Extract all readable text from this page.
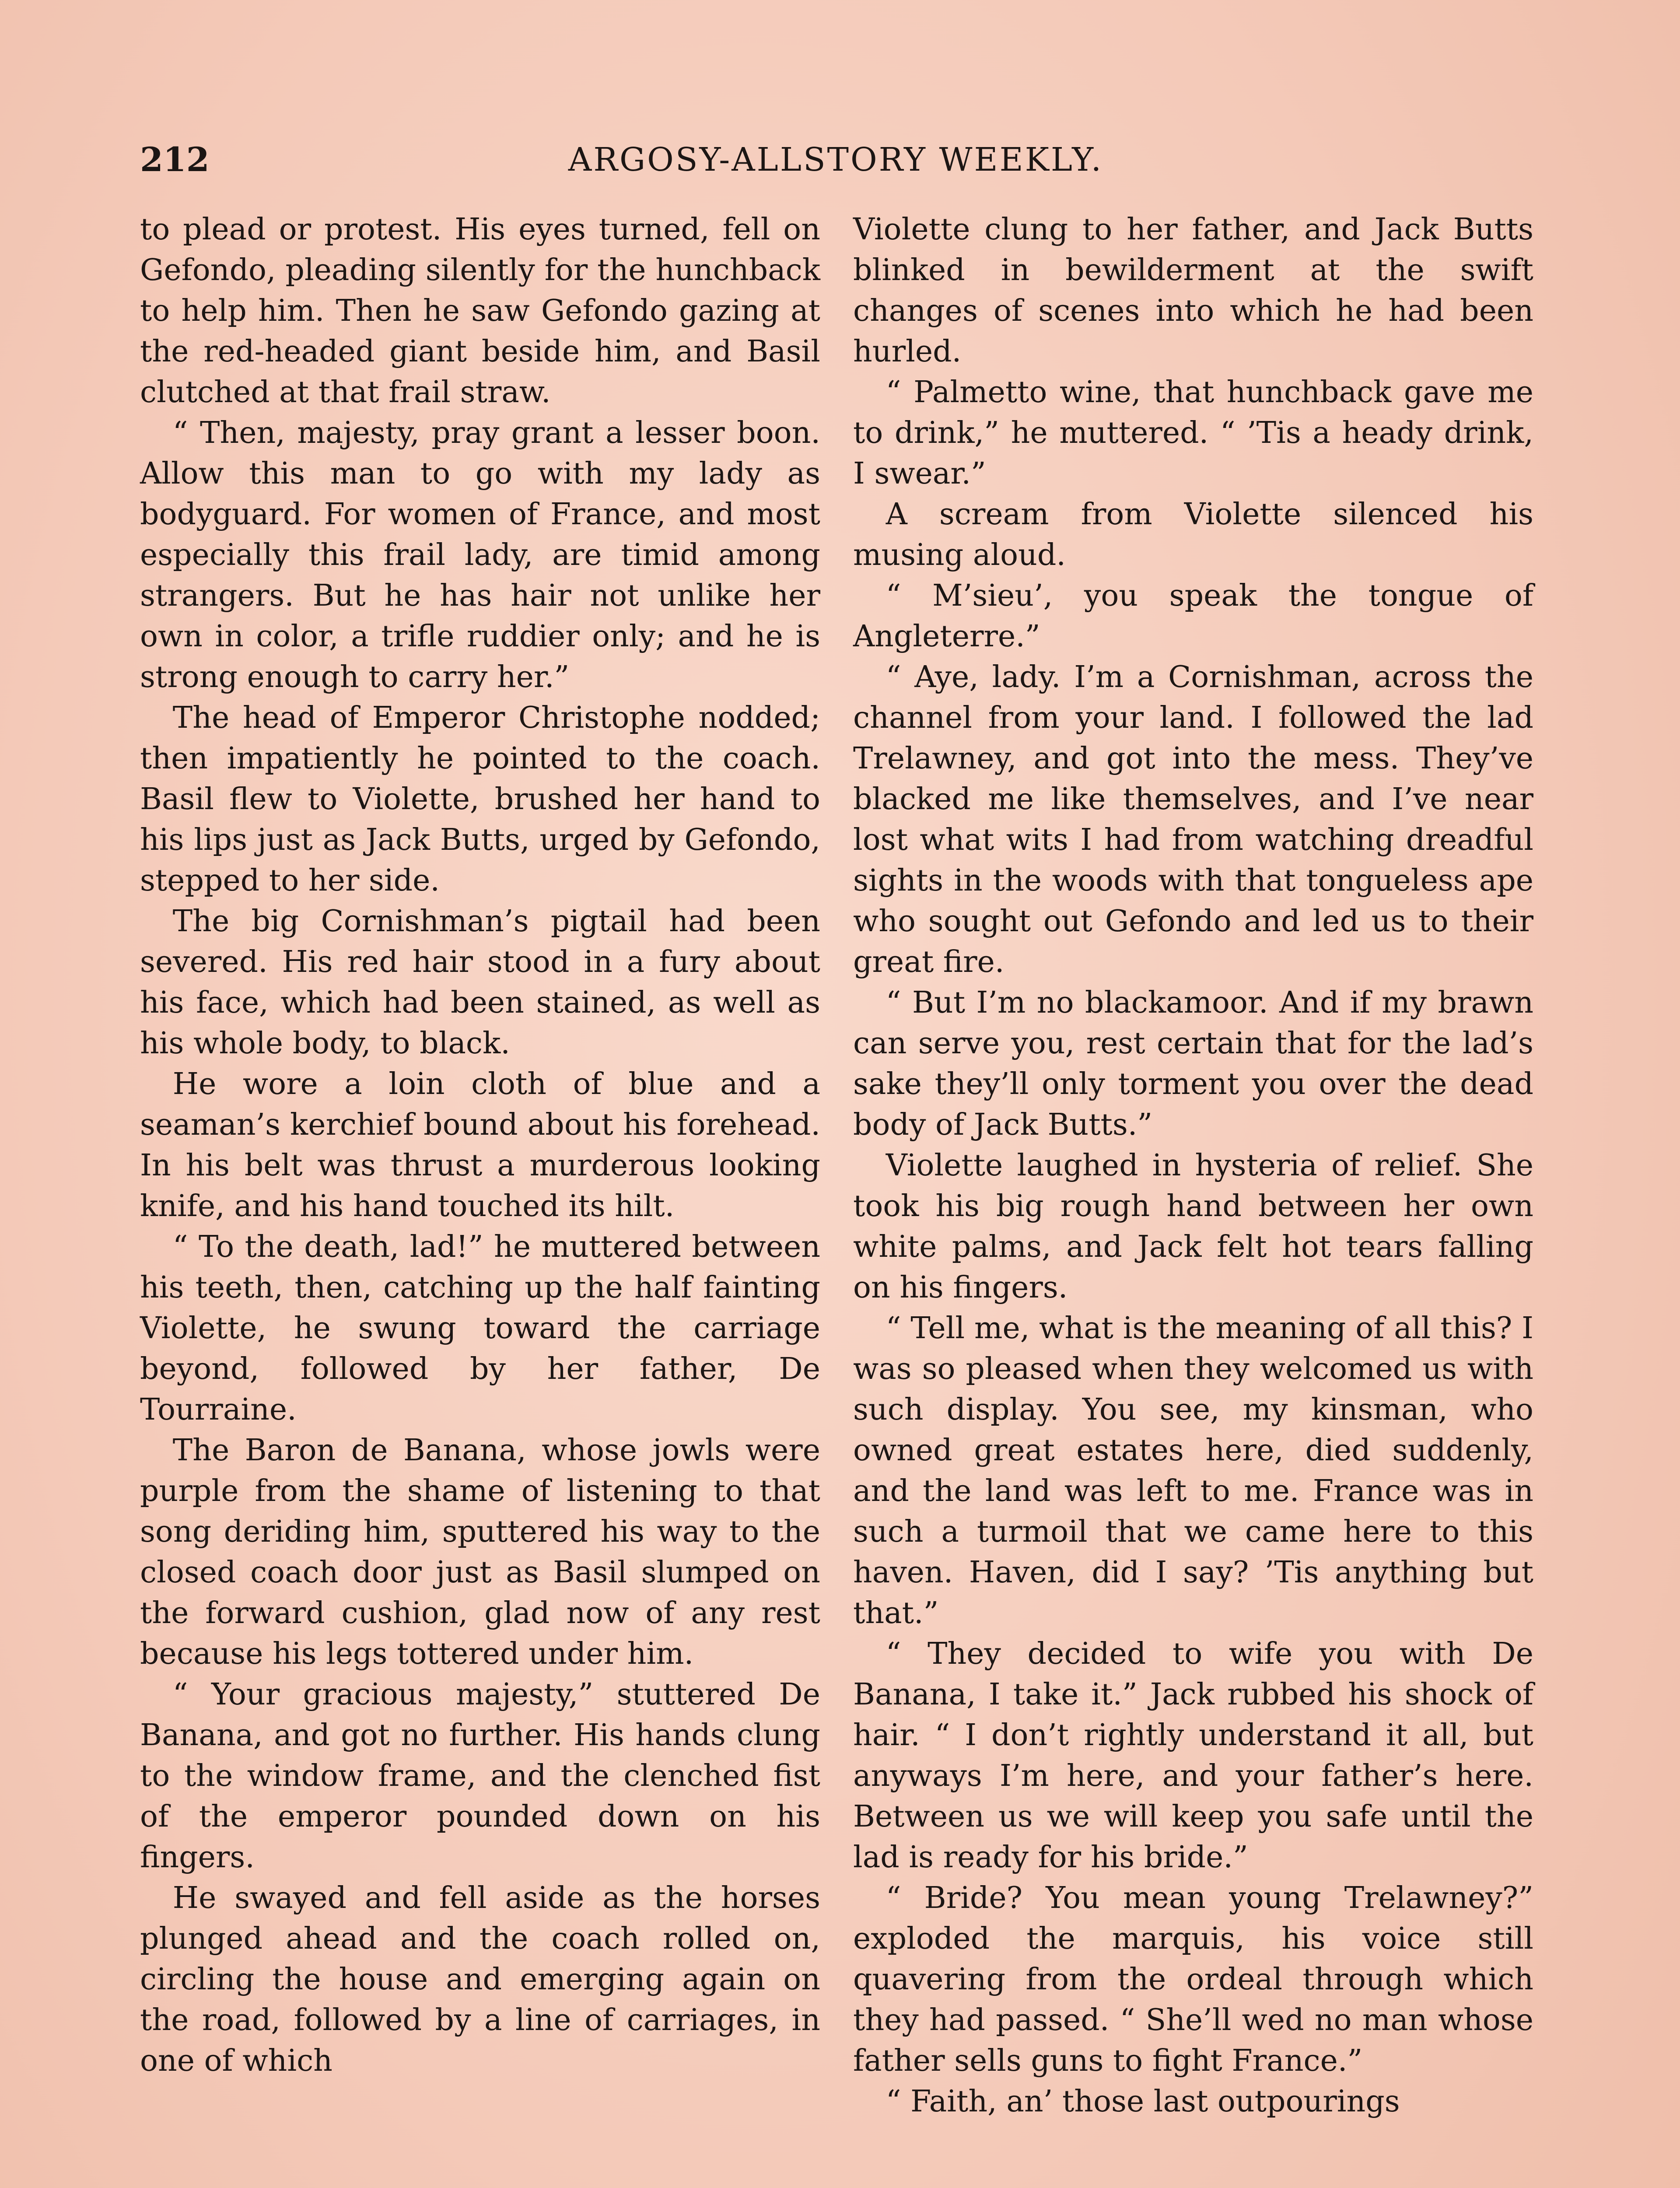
212	ARGOSY-ALLSTORY WEEKLY.

to plead or protest. His eyes turned, fell on Gefondo, pleading silently for the hunchback to help him. Then he saw Gefondo gazing at the red-headed giant beside him, and Basil clutched at that frail straw.

“ Then, majesty, pray grant a lesser boon. Allow this man to go with my lady as bodyguard. For women of France, and most especially this frail lady, are timid among strangers. But he has hair not unlike her own in color, a trifle ruddier only; and he is strong enough to carry her.”

The head of Emperor Christophe nodded; then impatiently he pointed to the coach. Basil flew to Violette, brushed her hand to his lips just as Jack Butts, urged by Gefondo, stepped to her side.

The big Cornishman’s pigtail had been severed. His red hair stood in a fury about his face, which had been stained, as well as his whole body, to black.

He wore a loin cloth of blue and a seaman’s kerchief bound about his forehead. In his belt was thrust a murderous looking knife, and his hand touched its hilt.

“ To the death, lad!” he muttered between his teeth, then, catching up the half fainting Violette, he swung toward the carriage beyond, followed by her father, De Tourraine.

The Baron de Banana, whose jowls were purple from the shame of listening to that song deriding him, sputtered his way to the closed coach door just as Basil slumped on the forward cushion, glad now of any rest because his legs tottered under him.

“ Your gracious majesty,” stuttered De Banana, and got no further. His hands clung to the window frame, and the clenched fist of the emperor pounded down on his fingers.

He swayed and fell aside as the horses plunged ahead and the coach rolled on, circling the house and emerging again on the road, followed by a line of carriages, in one of which

Violette clung to her father, and Jack Butts blinked in bewilderment at the swift changes of scenes into which he had been hurled.

“ Palmetto wine, that hunchback gave me to drink,” he muttered. “ ’Tis a heady drink, I swear.”

A scream from Violette silenced his musing aloud.

“ M’sieu’, you speak the tongue of Angleterre.”

“ Aye, lady. I’m a Cornishman, across the channel from your land. I followed the lad Trelawney, and got into the mess. They’ve blacked me like themselves, and I’ve near lost what wits I had from watching dreadful sights in the woods with that tongueless ape who sought out Gefondo and led us to their great fire.

“ But I’m no blackamoor. And if my brawn can serve you, rest certain that for the lad’s sake they’ll only torment you over the dead body of Jack Butts.”

Violette laughed in hysteria of relief. She took his big rough hand between her own white palms, and Jack felt hot tears falling on his fingers.

“ Tell me, what is the meaning of all this? I was so pleased when they welcomed us with such display. You see, my kinsman, who owned great estates here, died suddenly, and the land was left to me. France was in such a turmoil that we came here to this haven. Haven, did I say? ’Tis anything but that.”

“ They decided to wife you with De Banana, I take it.” Jack rubbed his shock of hair. “ I don’t rightly understand it all, but anyways I’m here, and your father’s here. Between us we will keep you safe until the lad is ready for his bride.”

“ Bride? You mean young Trelawney?” exploded the marquis, his voice still quavering from the ordeal through which they had passed. “ She’ll wed no man whose father sells guns to fight France.”

“ Faith, an’ those last outpourings
